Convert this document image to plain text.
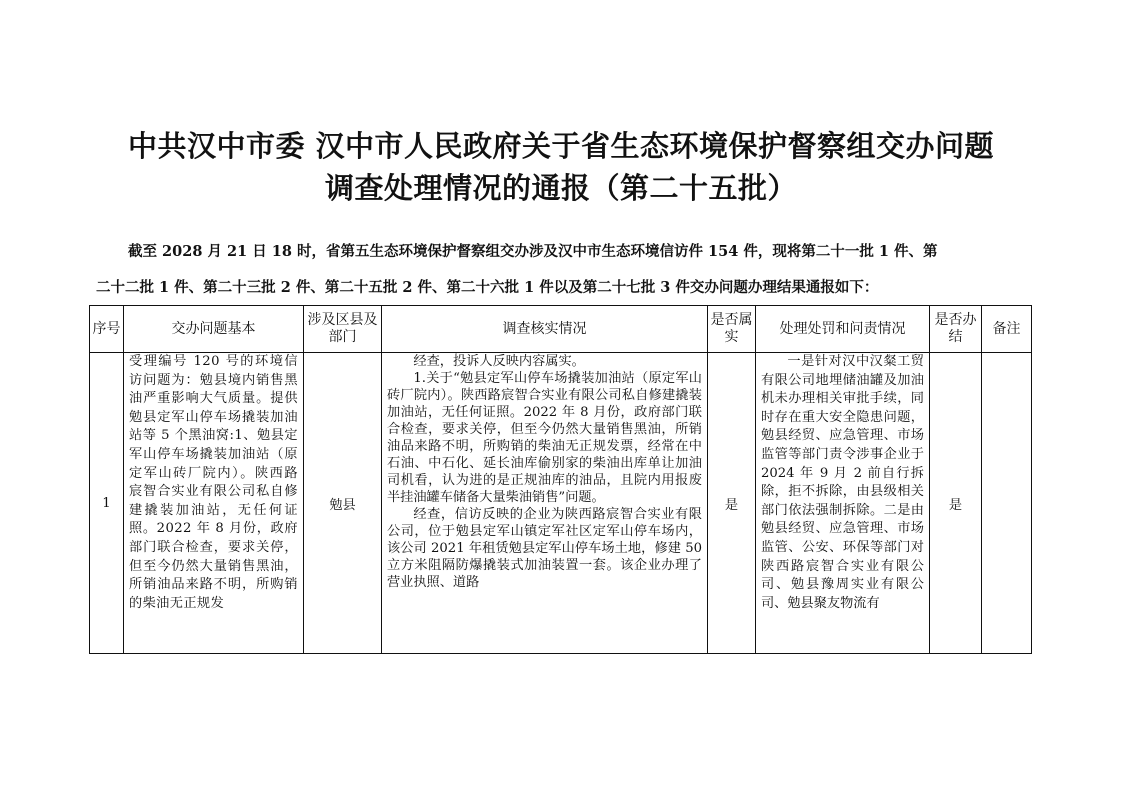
中共汉中市委 汉中市人民政府关于省生态环境保护督察组交办问题
调查处理情况的通报（第二十五批）
截至 2028 月 21 日 18 时，省第五生态环境保护督察组交办涉及汉中市生态环境信访件 154 件，现将第二十一批 1 件、第
二十二批 1 件、第二十三批 2 件、第二十五批 2 件、第二十六批 1 件以及第二十七批 3 件交办问题办理结果通报如下：
序号	交办问题基本	涉及区县及部门	调查核实情况	是否属实	处理处罚和问责情况	是否办结	备注
1	受理编号 120 号的环境信访问题为：勉县境内销售黑油严重影响大气质量。提供勉县定军山停车场撬装加油站等 5 个黑油窝:1、勉县定军山停车场撬装加油站（原定军山砖厂院内）。陕西路宸智合实业有限公司私自修建撬装加油站，无任何证照。2022 年 8 月份，政府部门联合检查，要求关停，但至今仍然大量销售黑油，所销油品来路不明，所购销的柴油无正规发	勉县	经查，投诉人反映内容属实。
1.关于“勉县定军山停车场撬装加油站（原定军山砖厂院内）。陕西路宸智合实业有限公司私自修建撬装加油站，无任何证照。2022 年 8 月份，政府部门联合检查，要求关停，但至今仍然大量销售黑油，所销油品来路不明，所购销的柴油无正规发票，经常在中石油、中石化、延长油库偷别家的柴油出库单让加油司机看，认为进的是正规油库的油品，且院内用报废半挂油罐车储备大量柴油销售”问题。
经查，信访反映的企业为陕西路宸智合实业有限公司，位于勉县定军山镇定军社区定军山停车场内，该公司 2021 年租赁勉县定军山停车场土地，修建 50 立方米阻隔防爆撬装式加油装置一套。该企业办理了营业执照、道路	是	一是针对汉中汉粲工贸有限公司地埋储油罐及加油机未办理相关审批手续，同时存在重大安全隐患问题，勉县经贸、应急管理、市场监管等部门责令涉事企业于 2024 年 9 月 2 前自行拆除，拒不拆除，由县级相关部门依法强制拆除。二是由勉县经贸、应急管理、市场监管、公安、环保等部门对陕西路宸智合实业有限公司、勉县豫周实业有限公司、勉县聚友物流有	是	
